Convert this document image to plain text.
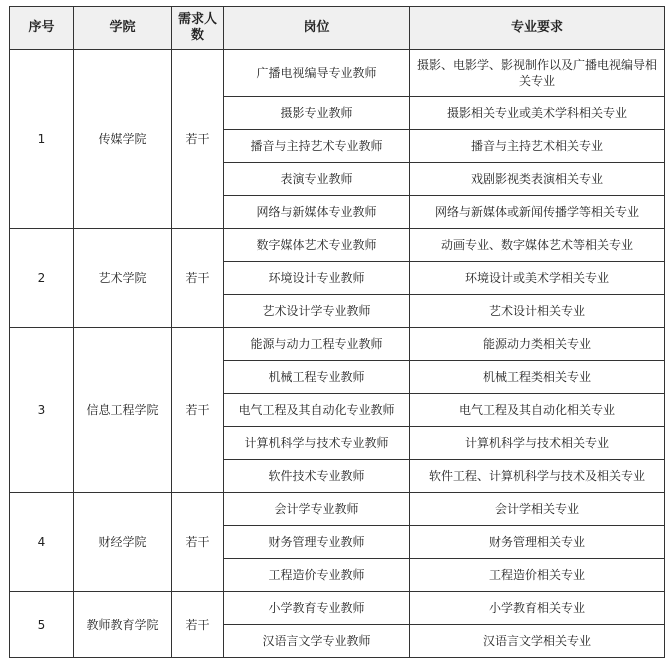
序号	学院	需求人数	岗位	专业要求
1	传媒学院	若干	广播电视编导专业教师	摄影、电影学、影视制作以及广播电视编导相关专业
			摄影专业教师	摄影相关专业或美术学科相关专业
			播音与主持艺术专业教师	播音与主持艺术相关专业
			表演专业教师	戏剧影视类表演相关专业
			网络与新媒体专业教师	网络与新媒体或新闻传播学等相关专业
2	艺术学院	若干	数字媒体艺术专业教师	动画专业、数字媒体艺术等相关专业
			环境设计专业教师	环境设计或美术学相关专业
			艺术设计学专业教师	艺术设计相关专业
3	信息工程学院	若干	能源与动力工程专业教师	能源动力类相关专业
			机械工程专业教师	机械工程类相关专业
			电气工程及其自动化专业教师	电气工程及其自动化相关专业
			计算机科学与技术专业教师	计算机科学与技术相关专业
			软件技术专业教师	软件工程、计算机科学与技术及相关专业
4	财经学院	若干	会计学专业教师	会计学相关专业
			财务管理专业教师	财务管理相关专业
			工程造价专业教师	工程造价相关专业
5	教师教育学院	若干	小学教育专业教师	小学教育相关专业
			汉语言文学专业教师	汉语言文学相关专业
